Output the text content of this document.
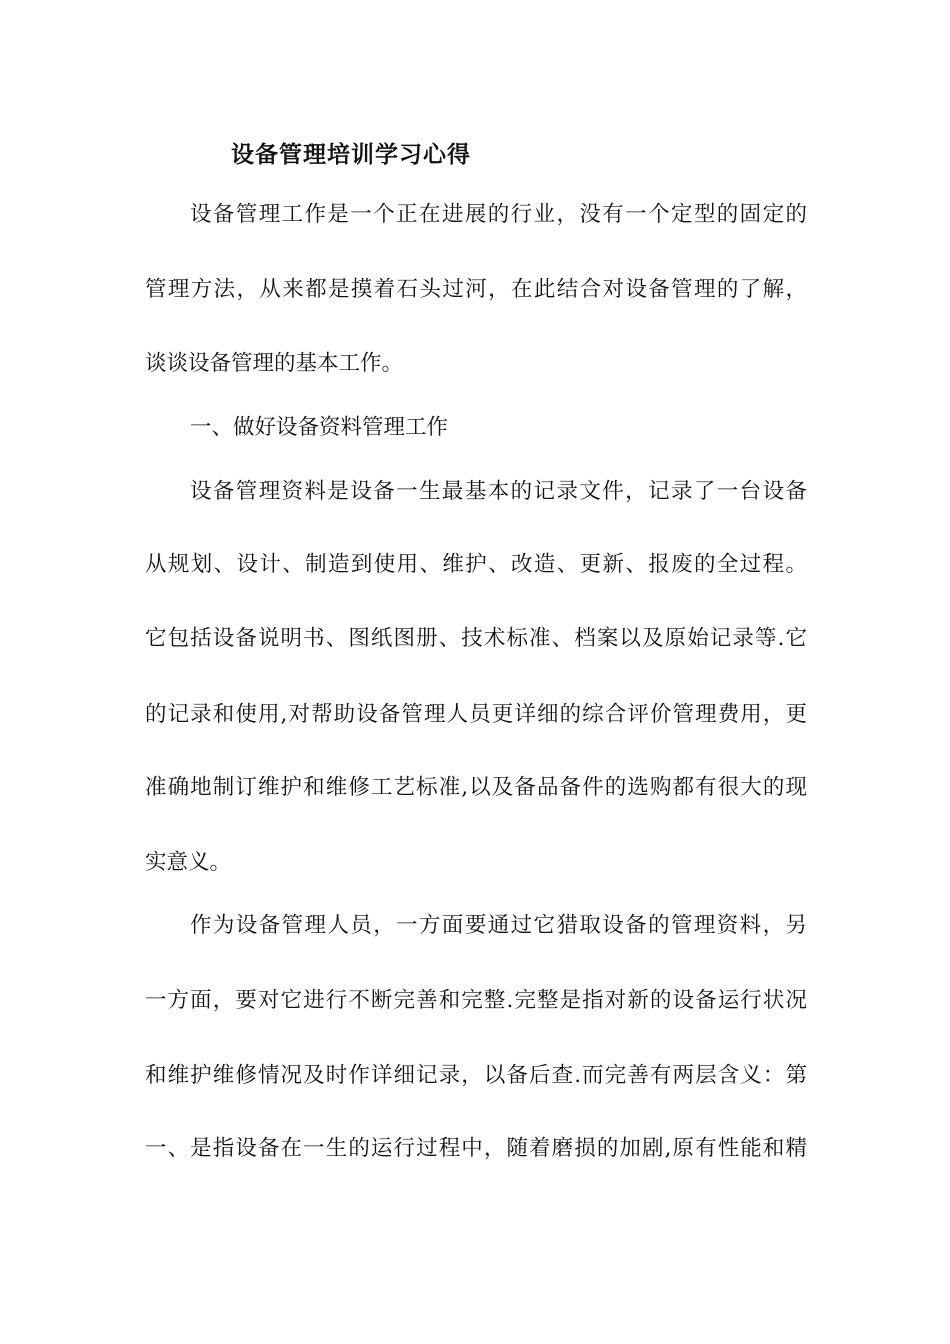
设备管理培训学习心得
设备管理工作是一个正在进展的行业，没有一个定型的固定的
管理方法，从来都是摸着石头过河，在此结合对设备管理的了解，
谈谈设备管理的基本工作。
一、做好设备资料管理工作
设备管理资料是设备一生最基本的记录文件，记录了一台设备
从规划、设计、制造到使用、维护、改造、更新、报废的全过程。
它包括设备说明书、图纸图册、技术标准、档案以及原始记录等.它
的记录和使用,对帮助设备管理人员更详细的综合评价管理费用，更
准确地制订维护和维修工艺标准,以及备品备件的选购都有很大的现
实意义。
作为设备管理人员，一方面要通过它猎取设备的管理资料，另
一方面，要对它进行不断完善和完整.完整是指对新的设备运行状况
和维护维修情况及时作详细记录，以备后查.而完善有两层含义：第
一、是指设备在一生的运行过程中，随着磨损的加剧,原有性能和精
